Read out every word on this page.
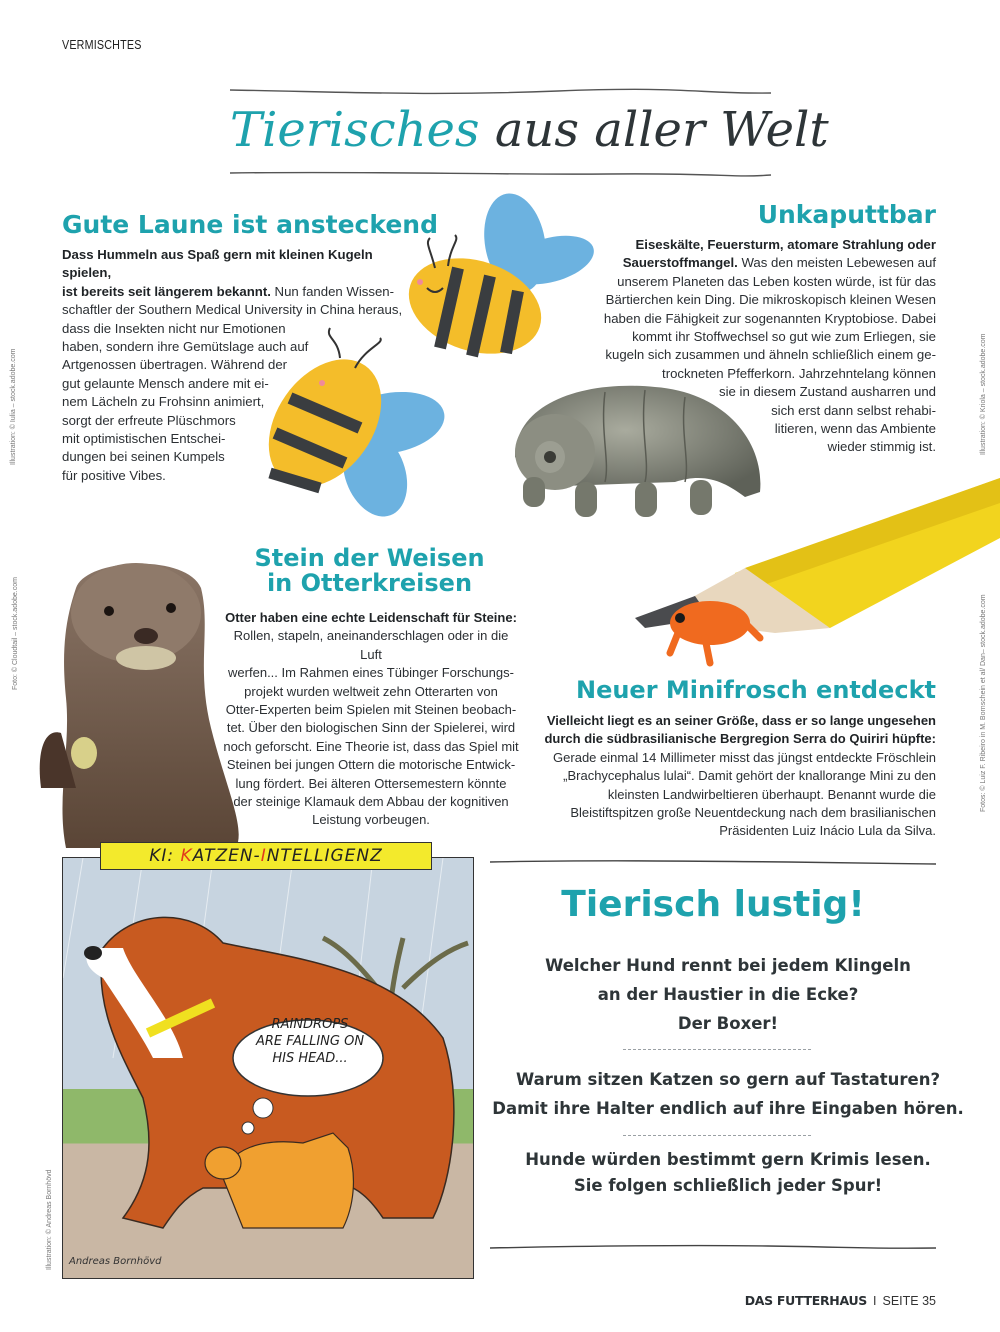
VERMISCHTES
Tierisches aus aller Welt
Gute Laune ist ansteckend
Dass Hummeln aus Spaß gern mit kleinen Kugeln spielen,
ist bereits seit längerem bekannt. Nun fanden Wissen-
schaftler der Southern Medical University in China heraus,
dass die Insekten nicht nur Emotionen
haben, sondern ihre Gemütslage auch auf
Artgenossen übertragen. Während der
gut gelaunte Mensch andere mit ei-
nem Lächeln zu Frohsinn animiert,
sorgt der erfreute Plüschmors
mit optimistischen Entschei-
dungen bei seinen Kumpels
für positive Vibes.
Illustration: © Iulia – stock.adobe.com
Unkaputtbar
Eiseskälte, Feuersturm, atomare Strahlung oder
Sauerstoffmangel. Was den meisten Lebewesen auf
unserem Planeten das Leben kosten würde, ist für das
Bärtierchen kein Ding. Die mikroskopisch kleinen Wesen
haben die Fähigkeit zur sogenannten Kryptobiose. Dabei
kommt ihr Stoffwechsel so gut wie zum Erliegen, sie
kugeln sich zusammen und ähneln schließlich einem ge-
trockneten Pfefferkorn. Jahrzehntelang können
sie in diesem Zustand ausharren und
sich erst dann selbst rehabi-
litieren, wenn das Ambiente
wieder stimmig ist.	Illustration: © Kriola – stock.adobe.com
Stein der Weisen
in Otterkreisen
Otter haben eine echte Leidenschaft für Steine:
Rollen, stapeln, aneinanderschlagen oder in die Luft
werfen... Im Rahmen eines Tübinger Forschungs-
projekt wurden weltweit zehn Otterarten von
Otter-Experten beim Spielen mit Steinen beobach-
tet. Über den biologischen Sinn der Spielerei, wird
noch geforscht. Eine Theorie ist, dass das Spiel mit
Steinen bei jungen Ottern die motorische Entwick-
lung fördert. Bei älteren Ottersemestern könnte
der steinige Klamauk dem Abbau der kognitiven
Leistung vorbeugen.
Foto: © Cloudtail – stock.adobe.com	Neuer Minifrosch entdeckt
Vielleicht liegt es an seiner Größe, dass er so lange ungesehen
durch die südbrasilianische Bergregion Serra do Quiriri hüpfte:
Gerade einmal 14 Millimeter misst das jüngst entdeckte Fröschlein
„Brachycephalus lulai“. Damit gehört der knallorange Mini zu den
kleinsten Landwirbeltieren überhaupt. Benannt wurde die
Bleistiftspitzen große Neuentdeckung nach dem brasilianischen
Präsidenten Luiz Inácio Lula da Silva.
Fotos: © Luiz F. Ribeiro in M. Bornschein et al/ Dan– stock.adobe.com
RAINDROPS
ARE FALLING ON
HIS HEAD...
Andreas Bornhövd
KI: KATZEN-INTELLIGENZ
Illustration: © Andreas Bornhövd
Tierisch lustig!
Welcher Hund rennt bei jedem Klingeln
an der Haustier in die Ecke?
Der Boxer!
Warum sitzen Katzen so gern auf Tastaturen?
Damit ihre Halter endlich auf ihre Eingaben hören.
Hunde würden bestimmt gern Krimis lesen.
Sie folgen schließlich jeder Spur!
DAS FUTTERHAUS I SEITE 35
